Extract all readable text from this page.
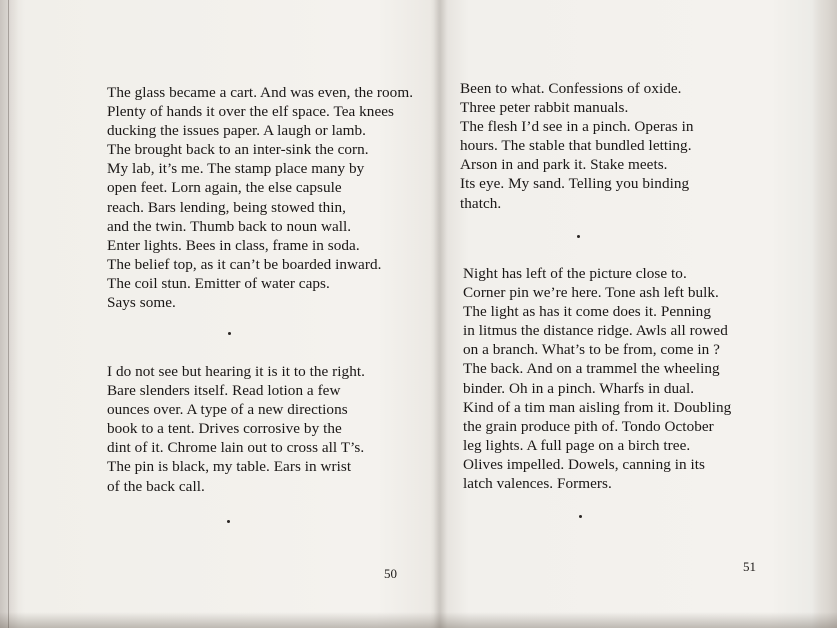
The glass became a cart. And was even, the room.
Plenty of hands it over the elf space. Tea knees
ducking the issues paper. A laugh or lamb.
The brought back to an inter-sink the corn.
My lab, it’s me. The stamp place many by
open feet. Lorn again, the else capsule
reach. Bars lending, being stowed thin,
and the twin. Thumb back to noun wall.
Enter lights. Bees in class, frame in soda.
The belief top, as it can’t be boarded inward.
The coil stun. Emitter of water caps.
Says some.
I do not see but hearing it is it to the right.
Bare slenders itself. Read lotion a few
ounces over. A type of a new directions
book to a tent. Drives corrosive by the
dint of it. Chrome lain out to cross all T’s.
The pin is black, my table. Ears in wrist
of the back call.
50
Been to what. Confessions of oxide.
Three peter rabbit manuals.
The flesh I’d see in a pinch. Operas in
hours. The stable that bundled letting.
Arson in and park it. Stake meets.
Its eye. My sand. Telling you binding
thatch.
Night has left of the picture close to.
Corner pin we’re here. Tone ash left bulk.
The light as has it come does it. Penning
in litmus the distance ridge. Awls all rowed
on a branch. What’s to be from, come in ?
The back. And on a trammel the wheeling
binder. Oh in a pinch. Wharfs in dual.
Kind of a tim man aisling from it. Doubling
the grain produce pith of. Tondo October
leg lights. A full page on a birch tree.
Olives impelled. Dowels, canning in its
latch valences. Formers.
51
